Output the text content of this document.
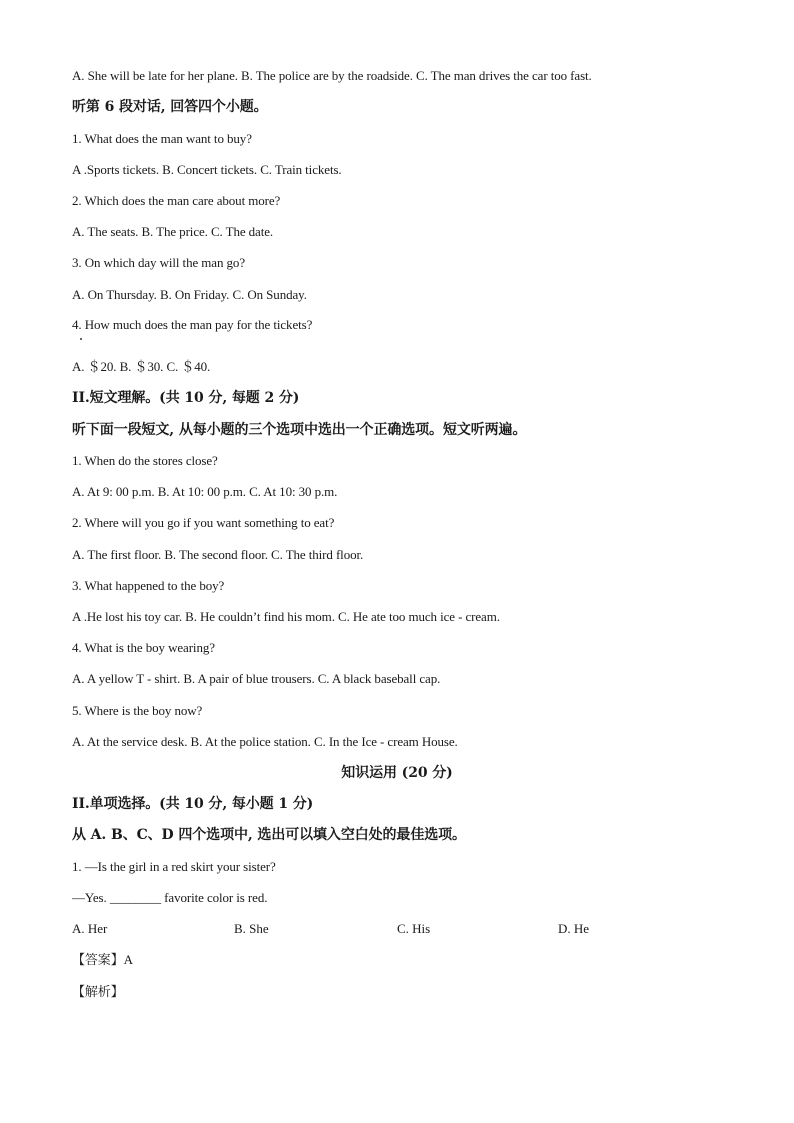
A. She will be late for her plane. B. The police are by the roadside. C. The man drives the car too fast.
听第 6 段对话, 回答四个小题。
1. What does the man want to buy?
A .Sports tickets. B. Concert tickets. C. Train tickets.
2. Which does the man care about more?
A. The seats. B. The price. C. The date.
3. On which day will the man go?
A. On Thursday. B. On Friday. C. On Sunday.
4. How much does the man pay for the tickets?
A. ＄20. B. ＄30. C. ＄40.
II.短文理解。(共 10 分, 每题 2 分)
听下面一段短文, 从每小题的三个选项中选出一个正确选项。短文听两遍。
1. When do the stores close?
A. At 9: 00 p.m. B. At 10: 00 p.m. C. At 10: 30 p.m.
2. Where will you go if you want something to eat?
A. The first floor. B. The second floor. C. The third floor.
3. What happened to the boy?
A .He lost his toy car. B. He couldn’t find his mom. C. He ate too much ice - cream.
4. What is the boy wearing?
A. A yellow T - shirt. B. A pair of blue trousers. C. A black baseball cap.
5. Where is the boy now?
A. At the service desk. B. At the police station. C. In the Ice - cream House.
知识运用 (20 分)
II.单项选择。(共 10 分, 每小题 1 分)
从 A. B、C、D 四个选项中, 选出可以填入空白处的最佳选项。
1. —Is the girl in a red skirt your sister?
—Yes. ________ favorite color is red.
A. Her	B. She	C. His	D. He
【答案】A
【解析】
